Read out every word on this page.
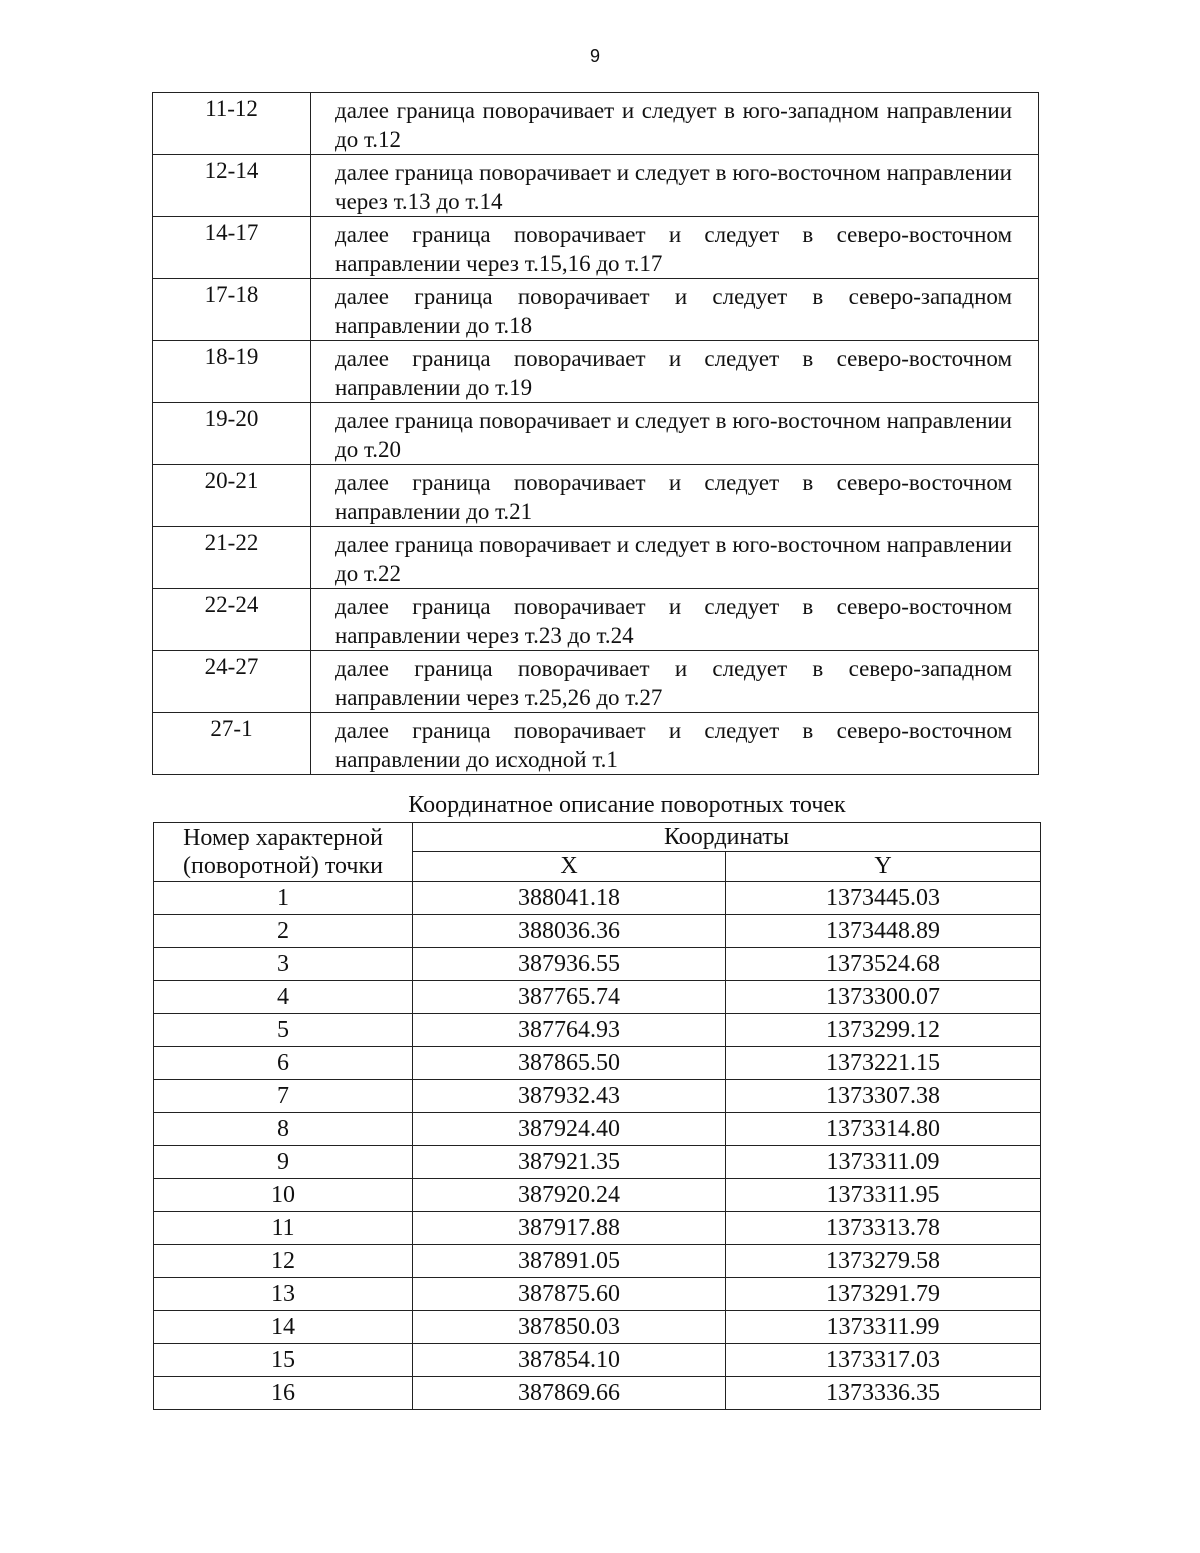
9
11-12	далее граница поворачивает и следует в юго-западном направлении до т.12
12-14	далее граница поворачивает и следует в юго-восточном направлении через т.13 до т.14
14-17	далее граница поворачивает и следует в северо-восточном направлении через т.15,16 до т.17
17-18	далее граница поворачивает и следует в северо-западном направлении до т.18
18-19	далее граница поворачивает и следует в северо-восточном направлении до т.19
19-20	далее граница поворачивает и следует в юго-восточном направлении до т.20
20-21	далее граница поворачивает и следует в северо-восточном направлении до т.21
21-22	далее граница поворачивает и следует в юго-восточном направлении до т.22
22-24	далее граница поворачивает и следует в северо-восточном направлении через т.23 до т.24
24-27	далее граница поворачивает и следует в северо-западном направлении через т.25,26 до т.27
27-1	далее граница поворачивает и следует в северо-восточном направлении до исходной т.1
Координатное описание поворотных точек
Номер характерной (поворотной) точки	Координаты	
	X	Y
1	388041.18	1373445.03
2	388036.36	1373448.89
3	387936.55	1373524.68
4	387765.74	1373300.07
5	387764.93	1373299.12
6	387865.50	1373221.15
7	387932.43	1373307.38
8	387924.40	1373314.80
9	387921.35	1373311.09
10	387920.24	1373311.95
11	387917.88	1373313.78
12	387891.05	1373279.58
13	387875.60	1373291.79
14	387850.03	1373311.99
15	387854.10	1373317.03
16	387869.66	1373336.35
